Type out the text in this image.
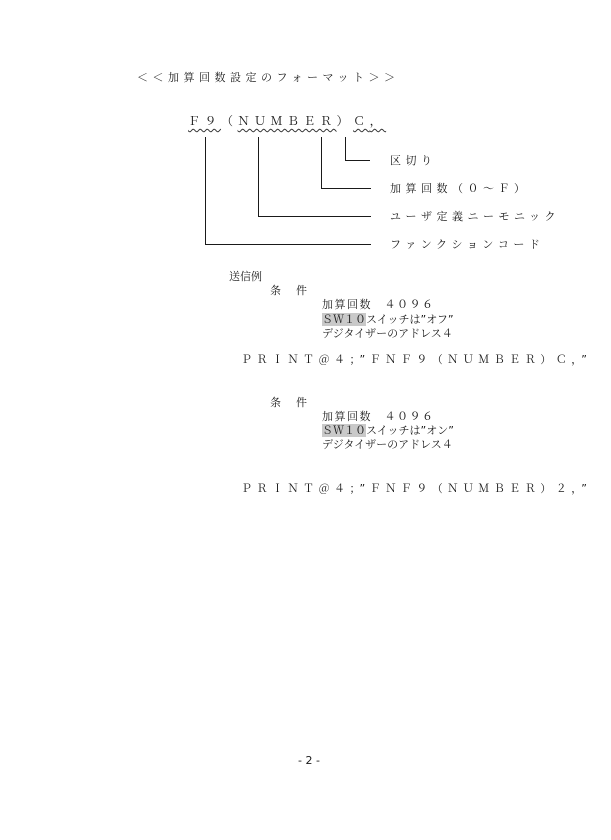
＜＜加算回数設定のフォーマット＞＞
Ｆ９（ＮＵＭＢＥＲ）Ｃ，
区切り
加算回数（０～Ｆ）
ユーザ定義ニーモニック
ファンクションコード
送信例
条　件
加算回数　４０９６
ＳＷ１０スイッチは”オフ”
デジタイザーのアドレス４
ＰＲＩＮＴ＠４；”ＦＮＦ９（ＮＵＭＢＥＲ）Ｃ，”
条　件
加算回数　４０９６
ＳＷ１０スイッチは”オン”
デジタイザーのアドレス４
ＰＲＩＮＴ＠４；”ＦＮＦ９（ＮＵＭＢＥＲ）２，”
- 2 -
